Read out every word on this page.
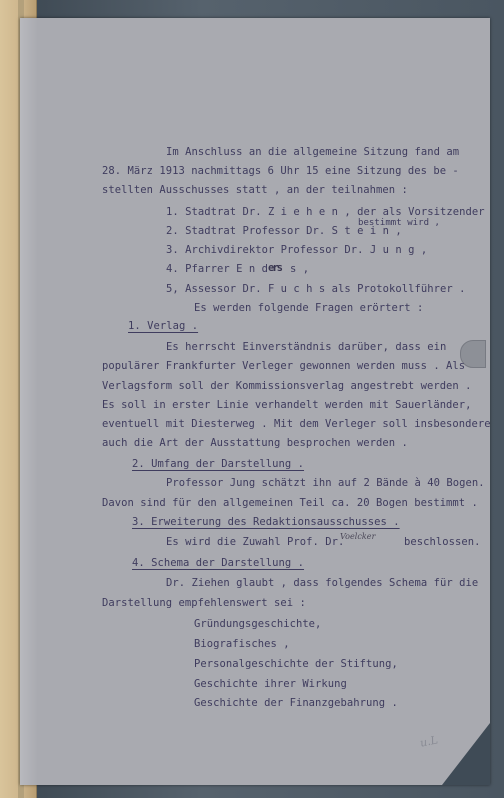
Im Anschluss an die allgemeine Sitzung fand am
28. März 1913 nachmittags 6 Uhr 15 eine Sitzung des be -
stellten Ausschusses statt , an der teilnahmen :
1. Stadtrat Dr. Z i e h e n , der als Vorsitzender
bestimmt wird ,
2. Stadtrat Professor Dr. S t e i n ,
3. Archivdirektor Professor Dr. J u n g ,
4. Pfarrer E n d ers s ,
5, Assessor Dr. F u c h s als Protokollführer .
Es werden folgende Fragen erörtert :
1. Verlag .
Es herrscht Einverständnis darüber, dass ein
populärer Frankfurter Verleger gewonnen werden muss . Als
Verlagsform soll der Kommissionsverlag angestrebt werden .
Es soll in erster Linie verhandelt werden mit Sauerländer,
eventuell mit Diesterweg . Mit dem Verleger soll insbesondere
auch die Art der Ausstattung besprochen werden .
2. Umfang der Darstellung .
Professor Jung schätzt ihn auf 2 Bände à 40 Bogen.
Davon sind für den allgemeinen Teil ca. 20 Bogen bestimmt .
3. Erweiterung des Redaktionsausschusses .
Es wird die Zuwahl Prof. Dr.
Voelcker	beschlossen.
4. Schema der Darstellung .
Dr. Ziehen glaubt , dass folgendes Schema für die
Darstellung empfehlenswert sei :
Gründungsgeschichte,
Biografisches ,
Personalgeschichte der Stiftung,
Geschichte ihrer Wirkung
Geschichte der Finanzgebahrung .
u.L
